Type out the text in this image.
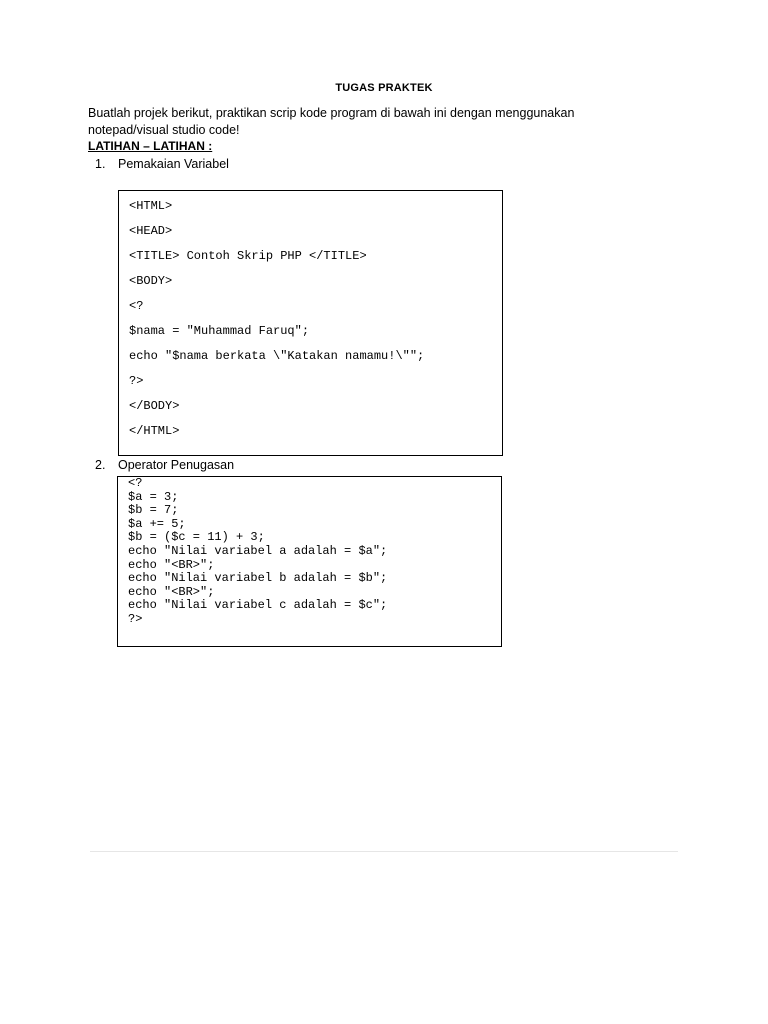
TUGAS PRAKTEK
Buatlah projek berikut, praktikan scrip kode program di bawah ini dengan menggunakan notepad/visual studio code!
LATIHAN – LATIHAN :
1. Pemakaian Variabel
<HTML>
<HEAD>
<TITLE> Contoh Skrip PHP </TITLE>
<BODY>
<?
$nama = "Muhammad Faruq";
echo "$nama berkata \"Katakan namamu!\"";
?>
</BODY>
</HTML>
2. Operator Penugasan
<?
$a = 3;
$b = 7;
$a += 5;
$b = ($c = 11) + 3;
echo "Nilai variabel a adalah = $a";
echo "<BR>";
echo "Nilai variabel b adalah = $b";
echo "<BR>";
echo "Nilai variabel c adalah = $c";
?>
